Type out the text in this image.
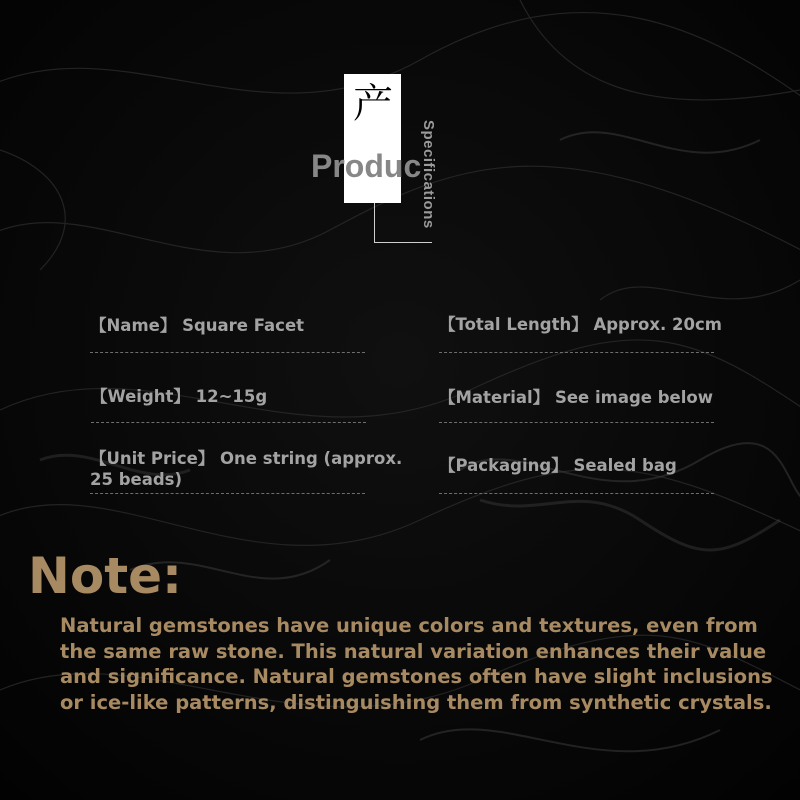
产
Produc
Specifications
【Name】 Square Facet	【Total Length】 Approx. 20cm
【Weight】 12~15g	【Material】 See image below
【Unit Price】 One string (approx. 25 beads)
【Packaging】 Sealed bag
Note:
Natural gemstones have unique colors and textures, even from the same raw stone. This natural variation enhances their value and significance. Natural gemstones often have slight inclusions or ice-like patterns, distinguishing them from synthetic crystals.
